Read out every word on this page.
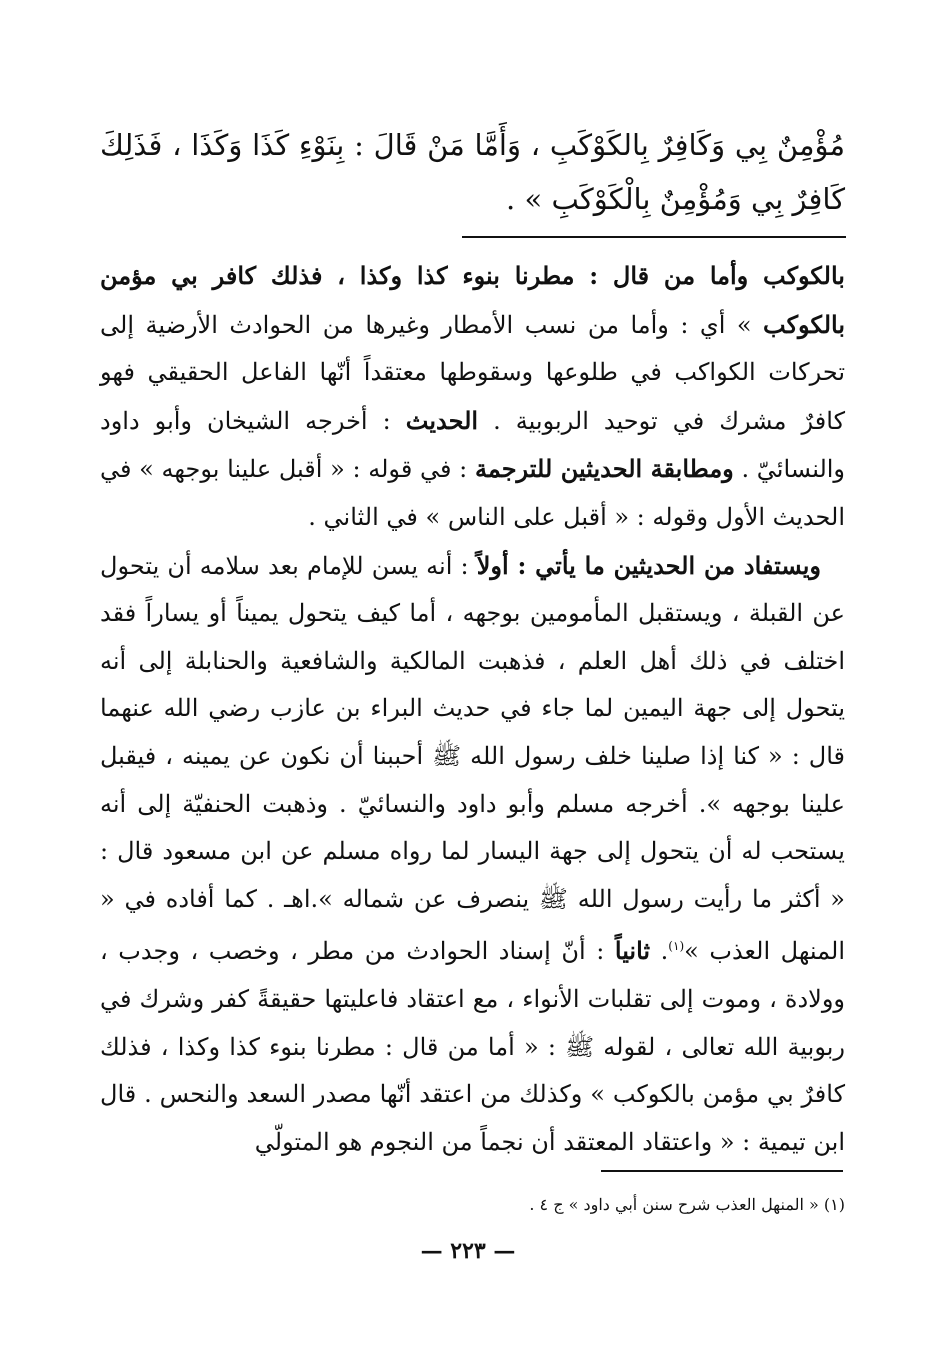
مُؤْمِنٌ بِي وَكَافِرٌ بِالكَوْكَبِ ، وَأَمَّا مَنْ قَالَ : بِنَوْءِ كَذَا وَكَذَا ، فَذَلِكَ كَافِرٌ بِي وَمُؤْمِنٌ بِالْكَوْكَبِ » .

بالكوكب وأما من قال : مطرنا بنوء كذا وكذا ، فذلك كافر بي مؤمن بالكوكب » أي : وأما من نسب الأمطار وغيرها من الحوادث الأرضية إلى تحركات الكواكب في طلوعها وسقوطها معتقداً أنّها الفاعل الحقيقي فهو كافرٌ مشرك في توحيد الربوبية . الحديث : أخرجه الشيخان وأبو داود والنسائيّ . ومطابقة الحديثين للترجمة : في قوله : « أقبل علينا بوجهه » في الحديث الأول وقوله : « أقبل على الناس » في الثاني .

ويستفاد من الحديثين ما يأتي : أولاً : أنه يسن للإمام بعد سلامه أن يتحول عن القبلة ، ويستقبل المأمومين بوجهه ، أما كيف يتحول يميناً أو يساراً فقد اختلف في ذلك أهل العلم ، فذهبت المالكية والشافعية والحنابلة إلى أنه يتحول إلى جهة اليمين لما جاء في حديث البراء بن عازب رضي الله عنهما قال : « كنا إذا صلينا خلف رسول الله ﷺ أحببنا أن نكون عن يمينه ، فيقبل علينا بوجهه ». أخرجه مسلم وأبو داود والنسائيّ . وذهبت الحنفيّة إلى أنه يستحب له أن يتحول إلى جهة اليسار لما رواه مسلم عن ابن مسعود قال : « أكثر ما رأيت رسول الله ﷺ ينصرف عن شماله ».اهـ . كما أفاده في « المنهل العذب »$^{(١)}$. ثانياً : أنّ إسناد الحوادث من مطر ، وخصب ، وجدب ، وولادة ، وموت إلى تقلبات الأنواء ، مع اعتقاد فاعليتها حقيقةً كفر وشرك في ربوبية الله تعالى ، لقوله ﷺ : « أما من قال : مطرنا بنوء كذا وكذا ، فذلك كافرٌ بي مؤمن بالكوكب » وكذلك من اعتقد أنّها مصدر السعد والنحس . قال ابن تيمية : « واعتقاد المعتقد أن نجماً من النجوم هو المتولّي

(١) « المنهل العذب شرح سنن أبي داود » ج ٤ .
— ٢٢٣ —
